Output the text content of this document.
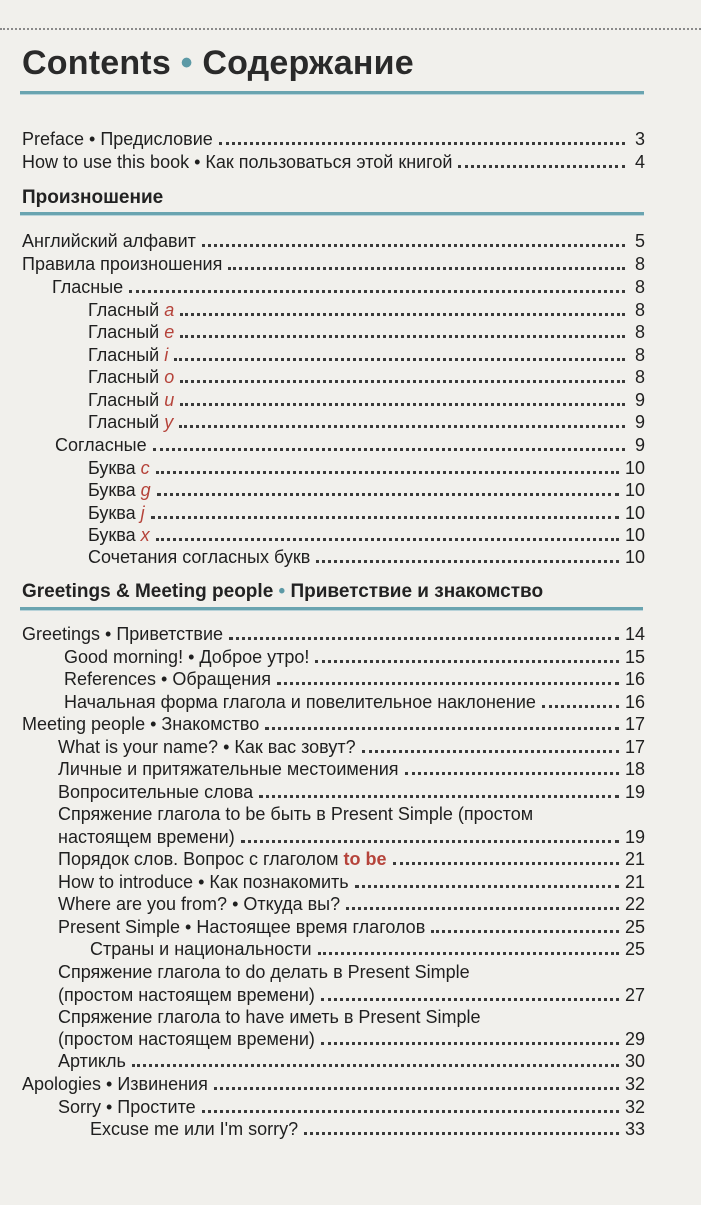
Contents • Содержание
Preface • Предисловие	3
How to use this book • Как пользоваться этой книгой	4
Произношение
Английский алфавит	5
Правила произношения	8
Гласные	8
Гласный a	8
Гласный e	8
Гласный i	8
Гласный o	8
Гласный u	9
Гласный y	9
Согласные	9
Буква c	10
Буква g	10
Буква j	10
Буква x	10
Сочетания согласных букв	10
Greetings & Meeting people • Приветствие и знакомство
Greetings • Приветствие	14
Good morning! • Доброе утро!	15
References • Обращения	16
Начальная форма глагола и повелительное наклонение	16
Meeting people • Знакомство	17
What is your name? • Как вас зовут?	17
Личные и притяжательные местоимения	18
Вопросительные слова	19
Спряжение глагола to be быть в Present Simple (простом
настоящем времени)	19
Порядок слов. Вопрос с глаголом to be	21
How to introduce • Как познакомить	21
Where are you from? • Откуда вы?	22
Present Simple • Настоящее время глаголов	25
Страны и национальности	25
Спряжение глагола to do делать в Present Simple
(простом настоящем времени)	27
Спряжение глагола to have иметь в Present Simple
(простом настоящем времени)	29
Артикль	30
Apologies • Извинения	32
Sorry • Простите	32
Excuse me или I'm sorry?	33
